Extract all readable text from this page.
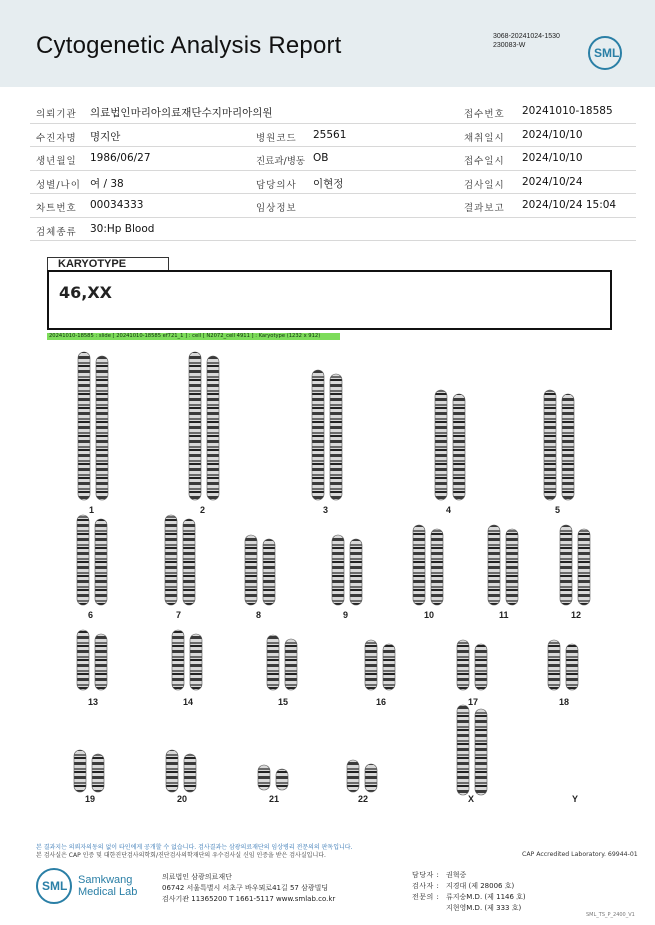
Cytogenetic Analysis Report	3068-20241024-1530
230083-W
SML
의뢰기관 의료법인마리아의료재단수지마리아의원	접수번호 20241010-18585
수진자명 명지안	병원코드 25561	채취일시 2024/10/10
생년월일 1986/06/27	진료과/병동 OB	접수일시 2024/10/10
성별/나이 여 / 38	담당의사 이현정	검사일시 2024/10/24
차트번호 00034333	임상정보	결과보고 2024/10/24 15:04
검체종류 30:Hp Blood
KARYOTYPE
46,XX
20241010-18585 : slide [ 20241010-18585 ef721_1 ] : cell [ N2072_cell 4911 ] : Karyotype (1232 x 912)
1	2	3	4	5
6	7	8	9	10	11	12
13	14	15	16	17	18
19	20	21	22	X	Y
본 결과지는 의뢰자의동의 없이 타인에게 공개할 수 없습니다. 검사결과는 삼광의료재단의 임상병리 전문의의 판독입니다.
본 검사실은 CAP 인증 및 대한진단검사의학회/진단검사의학재단의 우수검사실 신임 인증을 받은 검사실입니다.	CAP Accredited Laboratory. 69944-01
SML Samkwang
Medical Lab
의료법인 삼광의료재단
06742 서울특별시 서초구 바우뫼로41길 57 삼광빌딩
검사기관 11365200 T 1661-5117 www.smlab.co.kr
담당자 : 권혁중
검사자 : 지경대 (제 28006 호)
전문의 : 류지숭M.D. (제 1146 호)
지현영M.D. (제 333 호)
SML_TS_P_2400_V1
